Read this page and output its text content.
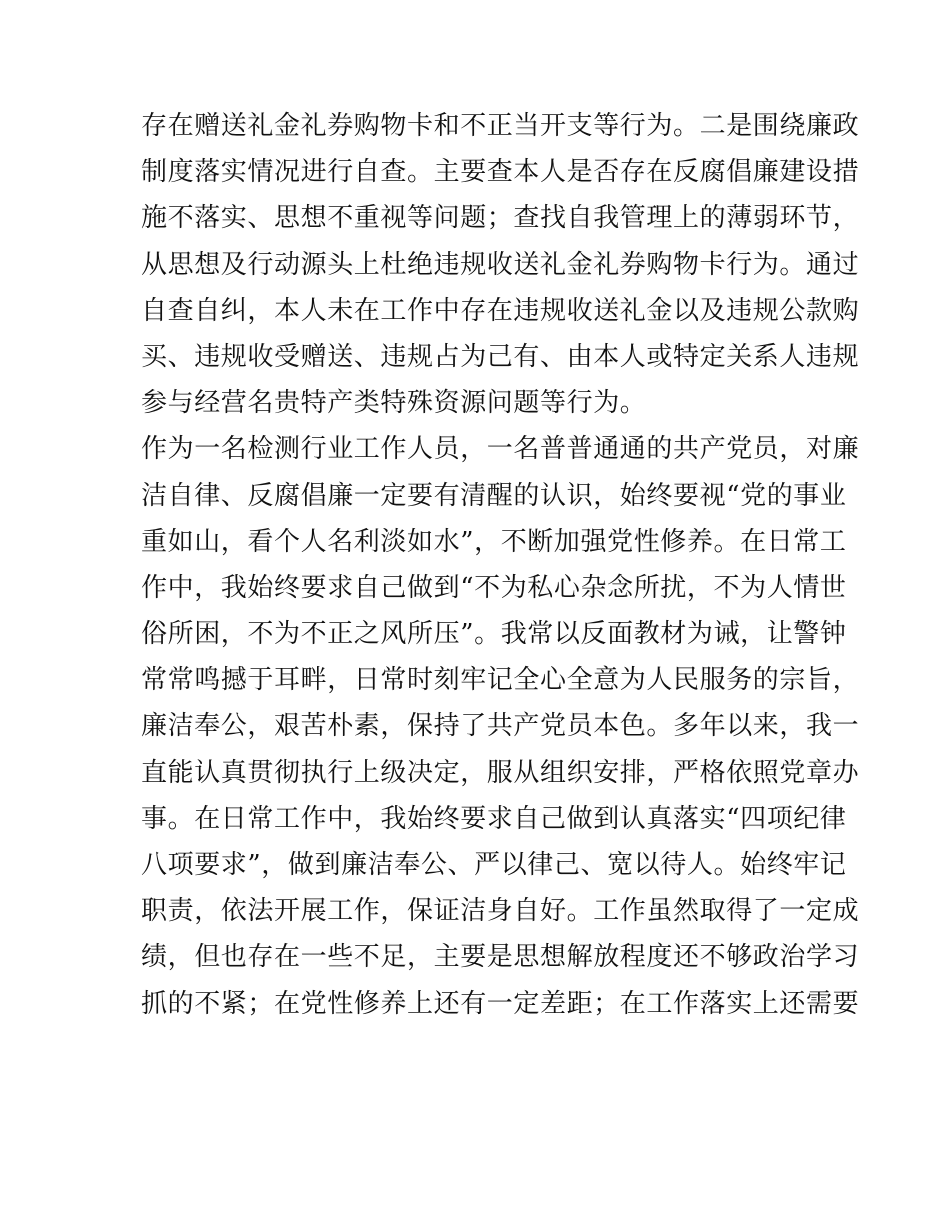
存在赠送礼金礼券购物卡和不正当开支等行为。二是围绕廉政
制度落实情况进行自查。主要查本人是否存在反腐倡廉建设措
施不落实、思想不重视等问题；查找自我管理上的薄弱环节，
从思想及行动源头上杜绝违规收送礼金礼券购物卡行为。通过
自查自纠，本人未在工作中存在违规收送礼金以及违规公款购
买、违规收受赠送、违规占为己有、由本人或特定关系人违规
参与经营名贵特产类特殊资源问题等行为。
作为一名检测行业工作人员，一名普普通通的共产党员，对廉
洁自律、反腐倡廉一定要有清醒的认识，始终要视“党的事业
重如山，看个人名利淡如水”，不断加强党性修养。在日常工
作中，我始终要求自己做到“不为私心杂念所扰，不为人情世
俗所困，不为不正之风所压”。我常以反面教材为诫，让警钟
常常鸣撼于耳畔，日常时刻牢记全心全意为人民服务的宗旨，
廉洁奉公，艰苦朴素，保持了共产党员本色。多年以来，我一
直能认真贯彻执行上级决定，服从组织安排，严格依照党章办
事。在日常工作中，我始终要求自己做到认真落实“四项纪律
八项要求”，做到廉洁奉公、严以律己、宽以待人。始终牢记
职责，依法开展工作，保证洁身自好。工作虽然取得了一定成
绩，但也存在一些不足，主要是思想解放程度还不够政治学习
抓的不紧；在党性修养上还有一定差距；在工作落实上还需要
